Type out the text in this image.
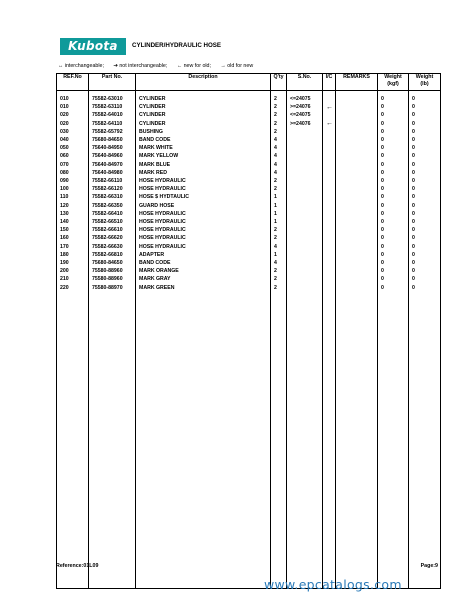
Kubota	CYLINDER/HYDRAULIC HOSE
↔ interchangeable; ➔ not interchangeable; ← new for old; → old for new
REF.No	Part No.	Description	Q'ty	S.No.	I/C	REMARKS	Weight
(kgf)	Weight
(lb)

010	75582-63010	CYLINDER	2	<=24075			0	0
010	75582-63110	CYLINDER	2	>=24076	←		0	0
020	75582-64010	CYLINDER	2	<=24075			0	0
020	75582-64110	CYLINDER	2	>=24076	←		0	0
030	75582-65792	BUSHING	2				0	0
040	75680-84650	BAND CODE	4				0	0
050	75640-84950	MARK WHITE	4				0	0
060	75640-84960	MARK YELLOW	4				0	0
070	75640-84970	MARK BLUE	4				0	0
080	75640-84980	MARK RED	4				0	0
090	75582-66110	HOSE HYDRAULIC	2				0	0
100	75582-66120	HOSE HYDRAULIC	2				0	0
110	75582-66310	HOSE $ HYDTAULIC	1				0	0
120	75582-66350	GUARD HOSE	1				0	0
130	75582-66410	HOSE HYDRAULIC	1				0	0
140	75582-66510	HOSE HYDRAULIC	1				0	0
150	75582-66610	HOSE HYDRAULIC	2				0	0
160	75582-66620	HOSE HYDRAULIC	2				0	0
170	75582-66630	HOSE HYDRAULIC	4				0	0
180	75582-66810	ADAPTER	1				0	0
190	75680-84650	BAND CODE	4				0	0
200	75580-88960	MARK ORANGE	2				0	0
210	75580-88960	MARK GRAY	2				0	0
220	75580-88970	MARK GREEN	2				0	0

Reference:01L09	Page:9
www.epcatalogs.com
